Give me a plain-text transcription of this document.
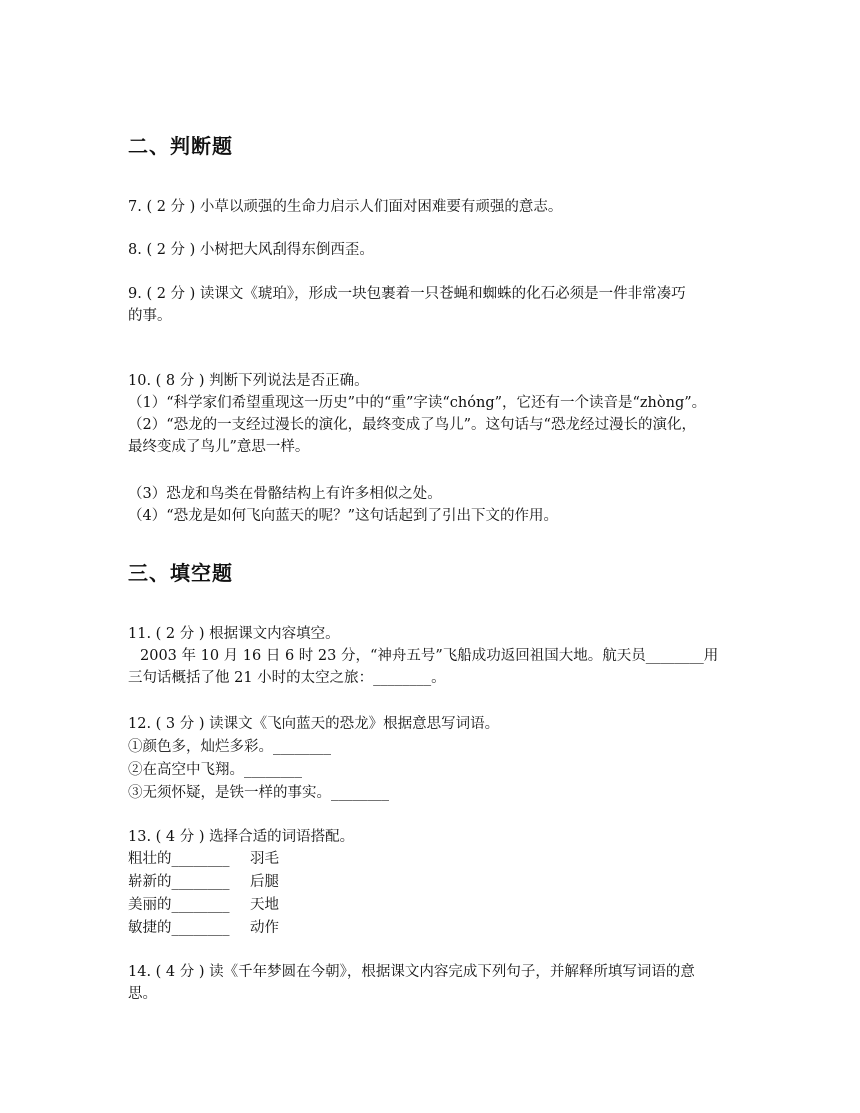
二、判断题
7. ( 2 分 ) 小草以顽强的生命力启示人们面对困难要有顽强的意志。
8. ( 2 分 ) 小树把大风刮得东倒西歪。
9. ( 2 分 ) 读课文《琥珀》，形成一块包裹着一只苍蝇和蜘蛛的化石必须是一件非常凑巧
的事。
10. ( 8 分 ) 判断下列说法是否正确。
（1）“科学家们希望重现这一历史”中的“重”字读“chóng”，它还有一个读音是“zhòng”。
（2）“恐龙的一支经过漫长的演化，最终变成了鸟儿”。这句话与“恐龙经过漫长的演化，
最终变成了鸟儿”意思一样。
（3）恐龙和鸟类在骨骼结构上有许多相似之处。
（4）“恐龙是如何飞向蓝天的呢？”这句话起到了引出下文的作用。
三、填空题
11. ( 2 分 ) 根据课文内容填空。
2003 年 10 月 16 日 6 时 23 分，“神舟五号”飞船成功返回祖国大地。航天员________用
三句话概括了他 21 小时的太空之旅：________。
12. ( 3 分 ) 读课文《飞向蓝天的恐龙》根据意思写词语。
①颜色多，灿烂多彩。________
②在高空中飞翔。________
③无须怀疑，是铁一样的事实。________
13. ( 4 分 ) 选择合适的词语搭配。
粗壮的________ 羽毛
崭新的________ 后腿
美丽的________ 天地
敏捷的________ 动作
14. ( 4 分 ) 读《千年梦圆在今朝》，根据课文内容完成下列句子，并解释所填写词语的意
思。
